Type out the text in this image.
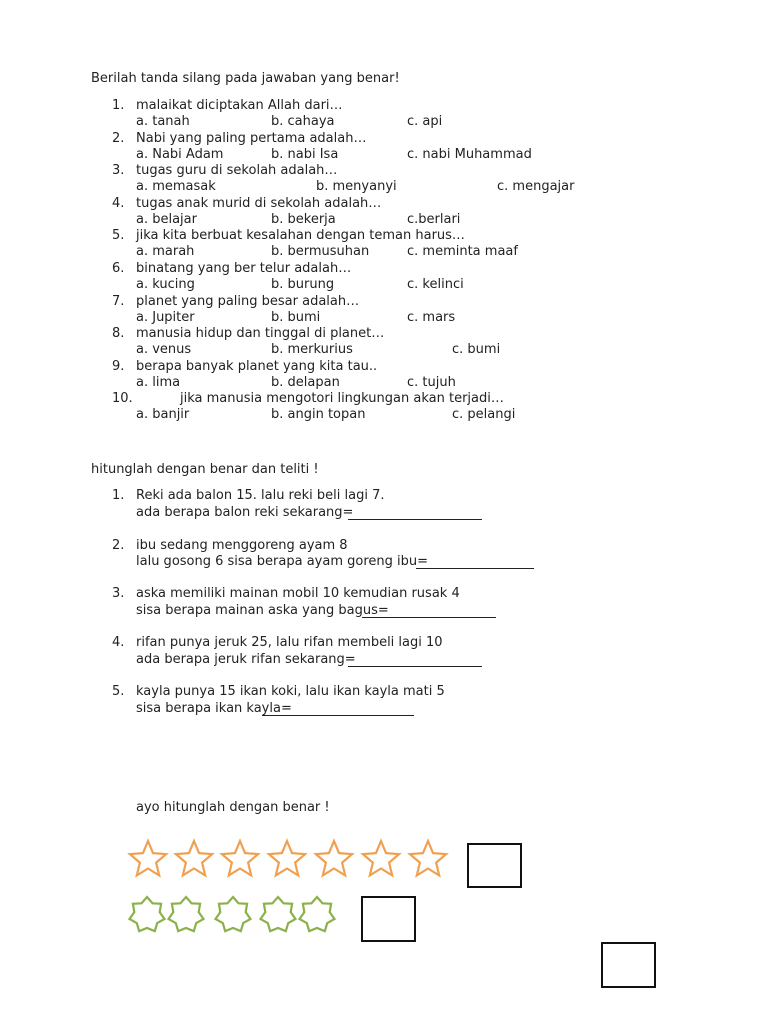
Berilah tanda silang pada jawaban yang benar!
1. malaikat diciptakan Allah dari…
a. tanah	b. cahaya	c. api
2. Nabi yang paling pertama adalah…
a. Nabi Adam	b. nabi Isa	c. nabi Muhammad
3. tugas guru di sekolah adalah…
a. memasak	b. menyanyi	c. mengajar
4. tugas anak murid di sekolah adalah…
a. belajar	b. bekerja	c.berlari
5. jika kita berbuat kesalahan dengan teman harus…
a. marah	b. bermusuhan	c. meminta maaf
6. binatang yang ber telur adalah…
a. kucing	b. burung	c. kelinci
7. planet yang paling besar adalah…
a. Jupiter	b. bumi	c. mars
8. manusia hidup dan tinggal di planet…
a. venus	b. merkurius	c. bumi
9. berapa banyak planet yang kita tau..
a. lima	b. delapan	c. tujuh
10.	jika manusia mengotori lingkungan akan terjadi…
a. banjir	b. angin topan	c. pelangi
hitunglah dengan benar dan teliti !
1. Reki ada balon 15. lalu reki beli lagi 7.
ada berapa balon reki sekarang=
2. ibu sedang menggoreng ayam 8
lalu gosong 6 sisa berapa ayam goreng ibu=
3. aska memiliki mainan mobil 10 kemudian rusak 4
sisa berapa mainan aska yang bagus=
4. rifan punya jeruk 25, lalu rifan membeli lagi 10
ada berapa jeruk rifan sekarang=
5. kayla punya 15 ikan koki, lalu ikan kayla mati 5
sisa berapa ikan kayla=
ayo hitunglah dengan benar !
